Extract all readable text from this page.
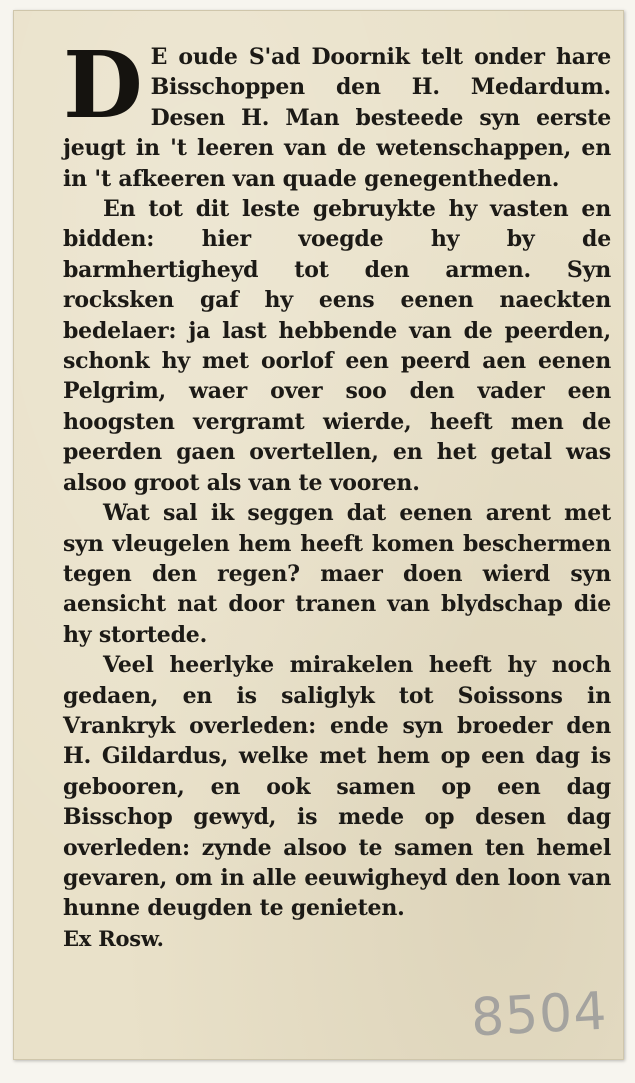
D E oude S'ad Doornik telt onder hare Bisschoppen den H. Medardum. Desen H. Man besteede syn eerste jeugt in 't leeren van de wetenschappen, en in 't afkeeren van quade genegentheden.

En tot dit leste gebruykte hy vasten en bidden: hier voegde hy by de barmhertigheyd tot den armen. Syn rocksken gaf hy eens eenen naeckten bedelaer: ja last hebbende van de peerden, schonk hy met oorlof een peerd aen eenen Pelgrim, waer over soo den vader een hoogsten vergramt wierde, heeft men de peerden gaen overtellen, en het getal was alsoo groot als van te vooren.

Wat sal ik seggen dat eenen arent met syn vleugelen hem heeft komen beschermen tegen den regen? maer doen wierd syn aensicht nat door tranen van blydschap die hy stortede.

Veel heerlyke mirakelen heeft hy noch gedaen, en is saliglyk tot Soissons in Vrankryk overleden: ende syn broeder den H. Gildardus, welke met hem op een dag is gebooren, en ook samen op een dag Bisschop gewyd, is mede op desen dag overleden: zynde alsoo te samen ten hemel gevaren, om in alle eeuwigheyd den loon van hunne deugden te genieten.

Ex Rosw.

8504
